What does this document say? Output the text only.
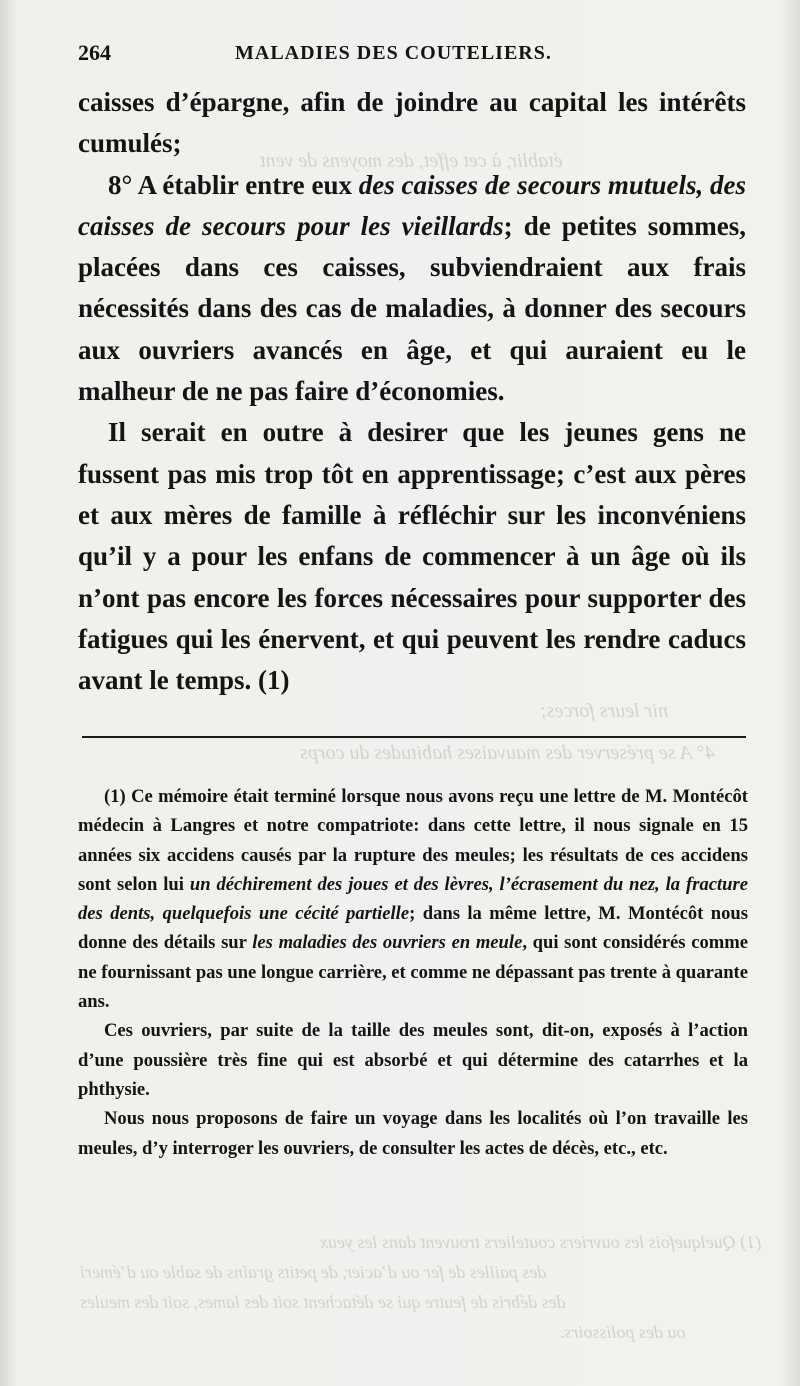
établir, à cet effet, des moyens de vent
nir leurs forces;
4° A se préserver des mauvaises habitudes du corps
(1) Quelquefois les ouvriers couteliers trouvent dans les yeux
des pailles de fer ou d’acier, de petits grains de sable ou d’émeri
des débris de feutre qui se détachent soit des lames, soit des meules
ou des polissoirs.
264	MALADIES DES COUTELIERS.

caisses d’épargne, afin de joindre au capital les intérêts cumulés;

8° A établir entre eux des caisses de secours mutuels, des caisses de secours pour les vieillards; de petites sommes, placées dans ces caisses, subviendraient aux frais nécessités dans des cas de maladies, à donner des secours aux ouvriers avancés en âge, et qui auraient eu le malheur de ne pas faire d’économies.

Il serait en outre à desirer que les jeunes gens ne fussent pas mis trop tôt en apprentissage; c’est aux pères et aux mères de famille à réfléchir sur les inconvéniens qu’il y a pour les enfans de commencer à un âge où ils n’ont pas encore les forces nécessaires pour supporter des fatigues qui les énervent, et qui peuvent les rendre caducs avant le temps. (1)

(1) Ce mémoire était terminé lorsque nous avons reçu une lettre de M. Montécôt médecin à Langres et notre compatriote: dans cette lettre, il nous signale en 15 années six accidens causés par la rupture des meules; les résultats de ces accidens sont selon lui un déchirement des joues et des lèvres, l’écrasement du nez, la fracture des dents, quelquefois une cécité partielle; dans la même lettre, M. Montécôt nous donne des détails sur les maladies des ouvriers en meule, qui sont considérés comme ne fournissant pas une longue carrière, et comme ne dépassant pas trente à quarante ans.

Ces ouvriers, par suite de la taille des meules sont, dit-on, exposés à l’action d’une poussière très fine qui est absorbé et qui détermine des catarrhes et la phthysie.

Nous nous proposons de faire un voyage dans les localités où l’on travaille les meules, d’y interroger les ouvriers, de consulter les actes de décès, etc., etc.
